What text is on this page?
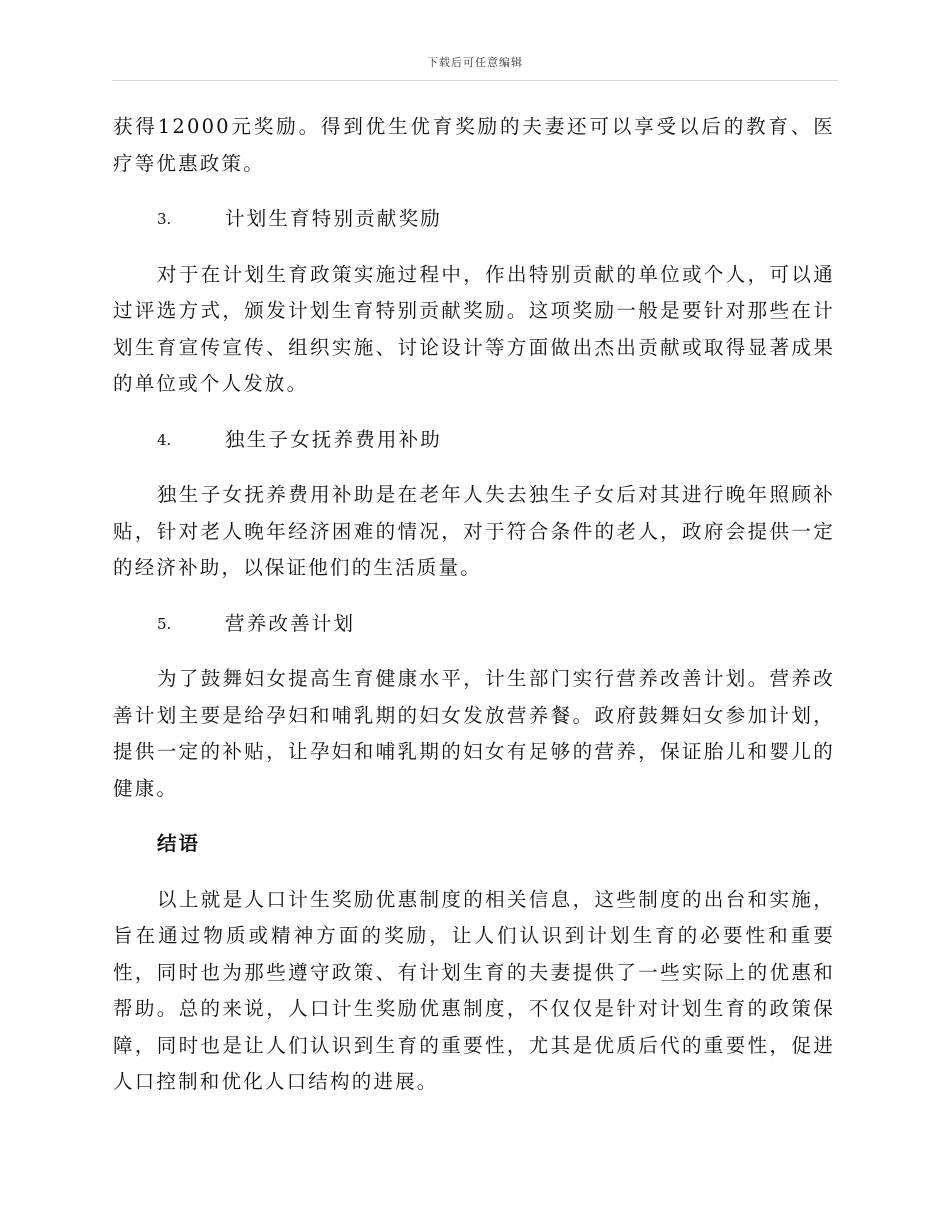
下载后可任意编辑

获得12000元奖励。得到优生优育奖励的夫妻还可以享受以后的教育、医疗等优惠政策。

3.	计划生育特别贡献奖励

对于在计划生育政策实施过程中，作出特别贡献的单位或个人，可以通过评选方式，颁发计划生育特别贡献奖励。这项奖励一般是要针对那些在计划生育宣传宣传、组织实施、讨论设计等方面做出杰出贡献或取得显著成果的单位或个人发放。

4.	独生子女抚养费用补助

独生子女抚养费用补助是在老年人失去独生子女后对其进行晚年照顾补贴，针对老人晚年经济困难的情况，对于符合条件的老人，政府会提供一定的经济补助，以保证他们的生活质量。

5.	营养改善计划

为了鼓舞妇女提高生育健康水平，计生部门实行营养改善计划。营养改善计划主要是给孕妇和哺乳期的妇女发放营养餐。政府鼓舞妇女参加计划，提供一定的补贴，让孕妇和哺乳期的妇女有足够的营养，保证胎儿和婴儿的健康。

结语

以上就是人口计生奖励优惠制度的相关信息，这些制度的出台和实施，旨在通过物质或精神方面的奖励，让人们认识到计划生育的必要性和重要性，同时也为那些遵守政策、有计划生育的夫妻提供了一些实际上的优惠和帮助。总的来说，人口计生奖励优惠制度，不仅仅是针对计划生育的政策保障，同时也是让人们认识到生育的重要性，尤其是优质后代的重要性，促进人口控制和优化人口结构的进展。
